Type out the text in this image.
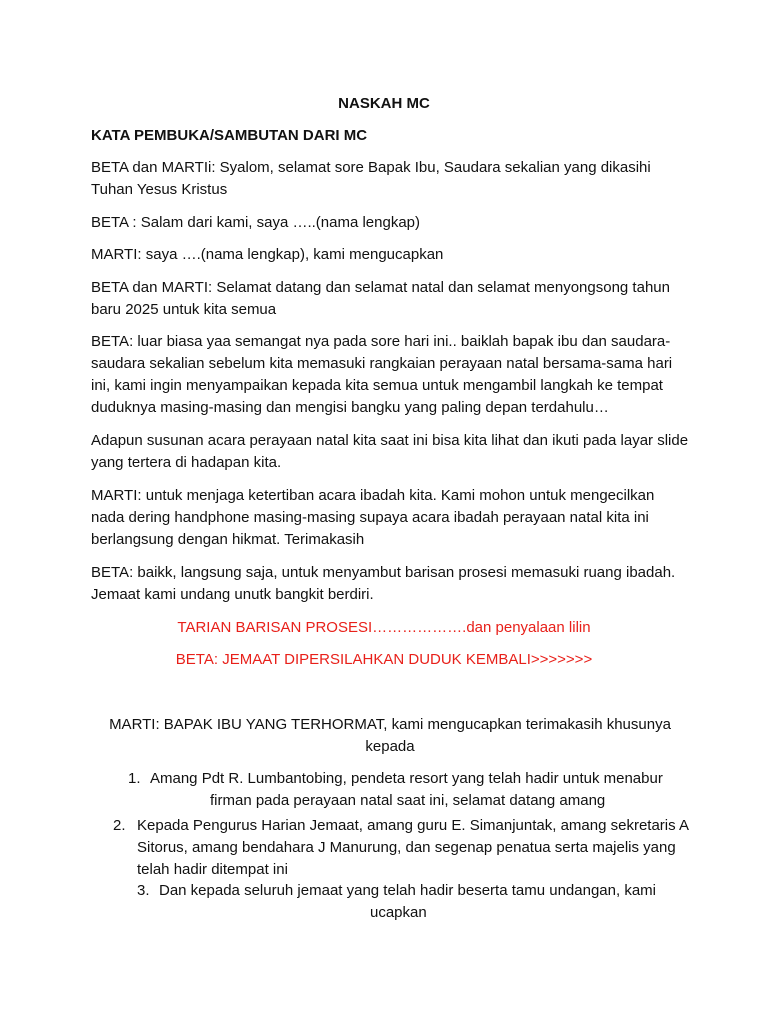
NASKAH MC
KATA PEMBUKA/SAMBUTAN DARI MC

BETA dan MARTIi: Syalom, selamat sore Bapak Ibu, Saudara sekalian yang dikasihi Tuhan Yesus Kristus

BETA : Salam dari kami, saya …..(nama lengkap)

MARTI: saya ….(nama lengkap), kami mengucapkan

BETA dan MARTI: Selamat datang dan selamat natal dan selamat menyongsong tahun baru 2025 untuk kita semua

BETA: luar biasa yaa semangat nya pada sore hari ini.. baiklah bapak ibu dan saudara-saudara sekalian sebelum kita memasuki rangkaian perayaan natal bersama-sama hari ini, kami ingin menyampaikan kepada kita semua untuk mengambil langkah ke tempat duduknya masing-masing dan mengisi bangku yang paling depan terdahulu…

Adapun susunan acara perayaan natal kita saat ini bisa kita lihat dan ikuti pada layar slide yang tertera di hadapan kita.

MARTI: untuk menjaga ketertiban acara ibadah kita. Kami mohon untuk mengecilkan nada dering handphone masing-masing supaya acara ibadah perayaan natal kita ini berlangsung dengan hikmat. Terimakasih

BETA: baikk, langsung saja, untuk menyambut barisan prosesi memasuki ruang ibadah. Jemaat kami undang unutk bangkit berdiri.

TARIAN BARISAN PROSESI……………….dan penyalaan lilin
BETA: JEMAAT DIPERSILAHKAN DUDUK KEMBALI>>>>>>>
MARTI: BAPAK IBU YANG TERHORMAT, kami mengucapkan terimakasih khusunya
kepada
1. Amang Pdt R. Lumbantobing, pendeta resort yang telah hadir untuk menabur
firman pada perayaan natal saat ini, selamat datang amang
2. Kepada Pengurus Harian Jemaat, amang guru E. Simanjuntak, amang sekretaris A
Sitorus, amang bendahara J Manurung, dan segenap penatua serta majelis yang
telah hadir ditempat ini
3. Dan kepada seluruh jemaat yang telah hadir beserta tamu undangan, kami
ucapkan
